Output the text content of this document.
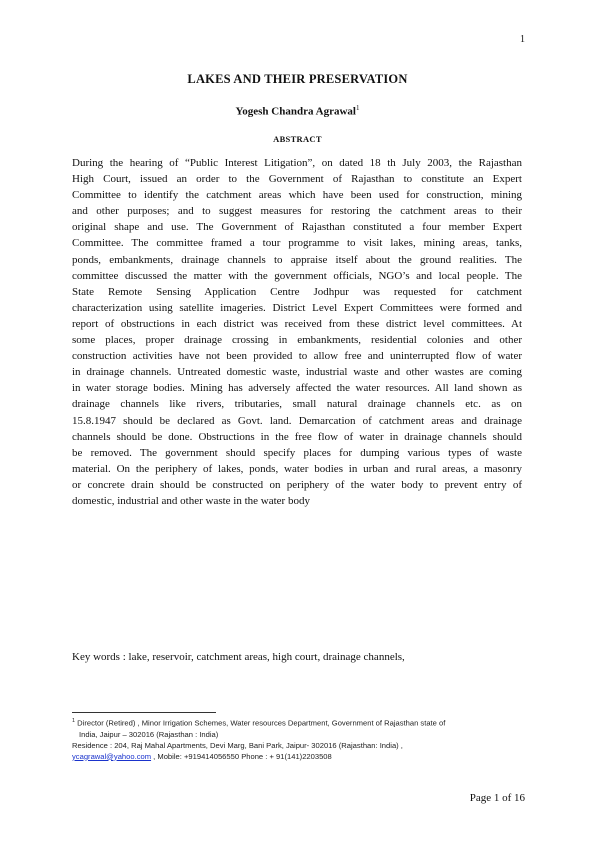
1
LAKES AND THEIR PRESERVATION
Yogesh Chandra Agrawal$^1$
ABSTRACT
During the hearing of “Public Interest Litigation”, on dated 18 th July 2003, the Rajasthan
High Court, issued an order to the Government of Rajasthan to constitute an Expert
Committee to identify the catchment areas which have been used for construction, mining
and other purposes; and to suggest measures for restoring the catchment areas to their
original shape and use. The Government of Rajasthan constituted a four member Expert
Committee. The committee framed a tour programme to visit lakes, mining areas, tanks,
ponds, embankments, drainage channels to appraise itself about the ground realities. The
committee discussed the matter with the government officials, NGO’s and local people. The
State Remote Sensing Application Centre Jodhpur was requested for catchment
characterization using satellite imageries. District Level Expert Committees were formed and
report of obstructions in each district was received from these district level committees. At
some places, proper drainage crossing in embankments, residential colonies and other
construction activities have not been provided to allow free and uninterrupted flow of water
in drainage channels. Untreated domestic waste, industrial waste and other wastes are coming
in water storage bodies. Mining has adversely affected the water resources. All land shown as
drainage channels like rivers, tributaries, small natural drainage channels etc. as on
15.8.1947 should be declared as Govt. land. Demarcation of catchment areas and drainage
channels should be done. Obstructions in the free flow of water in drainage channels should
be removed. The government should specify places for dumping various types of waste
material. On the periphery of lakes, ponds, water bodies in urban and rural areas, a masonry
or concrete drain should be constructed on periphery of the water body to prevent entry of
domestic, industrial and other waste in the water body
Key words : lake, reservoir, catchment areas, high court, drainage channels,
$^1$ Director (Retired) , Minor Irrigation Schemes, Water resources Department, Government of Rajasthan state of
India, Jaipur – 302016 (Rajasthan : India)
Residence : 204, Raj Mahal Apartments, Devi Marg, Bani Park, Jaipur- 302016 (Rajasthan: India) ,
ycagrawal@yahoo.com , Mobile: +919414056550 Phone : + 91(141)2203508
Page 1 of 16
